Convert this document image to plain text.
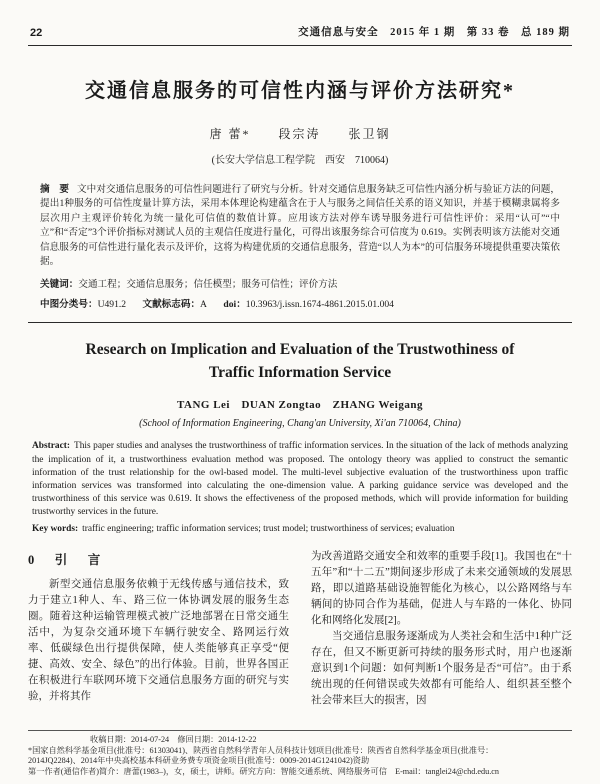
22	交通信息与安全　2015 年 1 期　第 33 卷　总 189 期
交通信息服务的可信性内涵与评价方法研究*
唐 蕾*　　段宗涛　　张卫钢
(长安大学信息工程学院　西安　710064)
摘　要 文中对交通信息服务的可信性问题进行了研究与分析。针对交通信息服务缺乏可信性内涵分析与验证方法的问题，提出1种服务的可信性度量计算方法，采用本体理论构建蕴含在于人与服务之间信任关系的语义知识，并基于模糊隶属将多层次用户主观评价转化为统一量化可信值的数值计算。应用该方法对停车诱导服务进行可信性评价：采用“认可”“中立”和“否定”3个评价指标对测试人员的主观信任度进行量化，可得出该服务综合可信度为 0.619。实例表明该方法能对交通信息服务的可信性进行量化表示及评价，这将为构建优质的交通信息服务，营造“以人为本”的可信服务环境提供重要决策依据。
关键词：交通工程；交通信息服务；信任模型；服务可信性；评价方法
中图分类号：U491.2 文献标志码：A doi：10.3963/j.issn.1674-4861.2015.01.004
Research on Implication and Evaluation of the Trustwothiness of
Traffic Information Service
TANG Lei　DUAN Zongtao　ZHANG Weigang
(School of Information Engineering, Chang'an University, Xi'an 710064, China)
Abstract: This paper studies and analyses the trustworthiness of traffic information services. In the situation of the lack of methods analyzing the implication of it, a trustworthiness evaluation method was proposed. The ontology theory was applied to construct the semantic information of the trust relationship for the owl-based model. The multi-level subjective evaluation of the trustworthiness upon traffic information services was transformed into calculating the one-dimension value. A parking guidance service was developed and the trustworthiness of this service was 0.619. It shows the effectiveness of the proposed methods, which will provide information for building trustworthy services in the future.
Key words: traffic engineering; traffic information services; trust model; trustworthiness of services; evaluation
0　引　言

新型交通信息服务依赖于无线传感与通信技术，致力于建立1种人、车、路三位一体协调发展的服务生态圈。随着这种运输管理模式被广泛地部署在日常交通生活中，为复杂交通环境下车辆行驶安全、路网运行效率、低碳绿色出行提供保障，使人类能够真正享受“便捷、高效、安全、绿色”的出行体验。目前，世界各国正在积极进行车联网环境下交通信息服务方面的研究与实验，并将其作

为改善道路交通安全和效率的重要手段[1]。我国也在“十五年”和“十二五”期间逐步形成了未来交通领域的发展思路，即以道路基础设施智能化为核心，以公路网络与车辆间的协同合作为基础，促进人与车路的一体化、协同化和网络化发展[2]。

当交通信息服务逐渐成为人类社会和生活中1种广泛存在，但又不断更新可持续的服务形式时，用户也逐渐意识到1个问题：如何判断1个服务是否“可信”。由于系统出现的任何错误或失效都有可能给人、组织甚至整个社会带来巨大的损害，因

收稿日期：2014-07-24　修回日期：2014-12-22
*国家自然科学基金项目(批准号：61303041)、陕西省自然科学青年人员科技计划项目(批准号：陕西省自然科学基金项目(批准号：
2014JQ2284)、2014年中央高校基本科研业务费专项资金项目(批准号：0009-2014G1241042)资助
第一作者(通信作者)简介：唐蕾(1983–)，女，硕士，讲师。研究方向：智能交通系统、网络服务可信　E-mail：tanglei24@chd.edu.cn
